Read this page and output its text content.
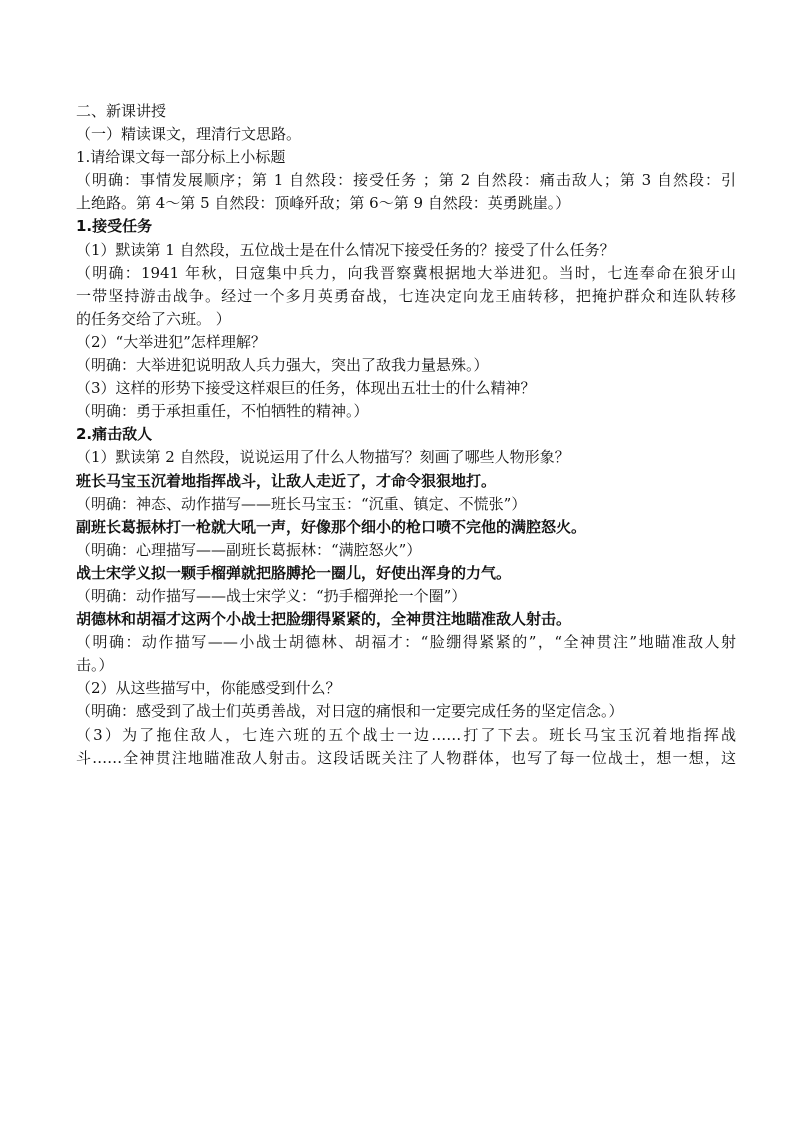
二、新课讲授

（一）精读课文，理清行文思路。

1.请给课文每一部分标上小标题

（明确：事情发展顺序；第 1 自然段：接受任务 ；第 2 自然段：痛击敌人；第 3 自然段：引

上绝路。第 4～第 5 自然段：顶峰歼敌；第 6～第 9 自然段：英勇跳崖。）

1.接受任务

（1）默读第 1 自然段，五位战士是在什么情况下接受任务的？接受了什么任务？

（明确：1941 年秋，日寇集中兵力，向我晋察冀根据地大举进犯。当时，七连奉命在狼牙山

一带坚持游击战争。经过一个多月英勇奋战，七连决定向龙王庙转移，把掩护群众和连队转移

的任务交给了六班。 ）

（2）“大举进犯”怎样理解？

（明确：大举进犯说明敌人兵力强大，突出了敌我力量悬殊。）

（3）这样的形势下接受这样艰巨的任务，体现出五壮士的什么精神？

（明确：勇于承担重任，不怕牺牲的精神。）

2.痛击敌人

（1）默读第 2 自然段，说说运用了什么人物描写？刻画了哪些人物形象？

班长马宝玉沉着地指挥战斗，让敌人走近了，才命令狠狠地打。

（明确：神态、动作描写——班长马宝玉：“沉重、镇定、不慌张”）

副班长葛振林打一枪就大吼一声，好像那个细小的枪口喷不完他的满腔怒火。

（明确：心理描写——副班长葛振林：“满腔怒火”）

战士宋学义拟一颗手榴弹就把胳膊抡一圈儿，好使出浑身的力气。

（明确：动作描写——战士宋学义：“扔手榴弹抡一个圈”）

胡德林和胡福才这两个小战士把脸绷得紧紧的，全神贯注地瞄准敌人射击。

（明确：动作描写——小战士胡德林、胡福才：“脸绷得紧紧的”，“全神贯注”地瞄准敌人射

击。）

（2）从这些描写中，你能感受到什么？

（明确：感受到了战士们英勇善战，对日寇的痛恨和一定要完成任务的坚定信念。）

（3）为了拖住敌人，七连六班的五个战士一边……打了下去。班长马宝玉沉着地指挥战

斗……全神贯注地瞄准敌人射击。这段话既关注了人物群体，也写了每一位战士，想一想，这
